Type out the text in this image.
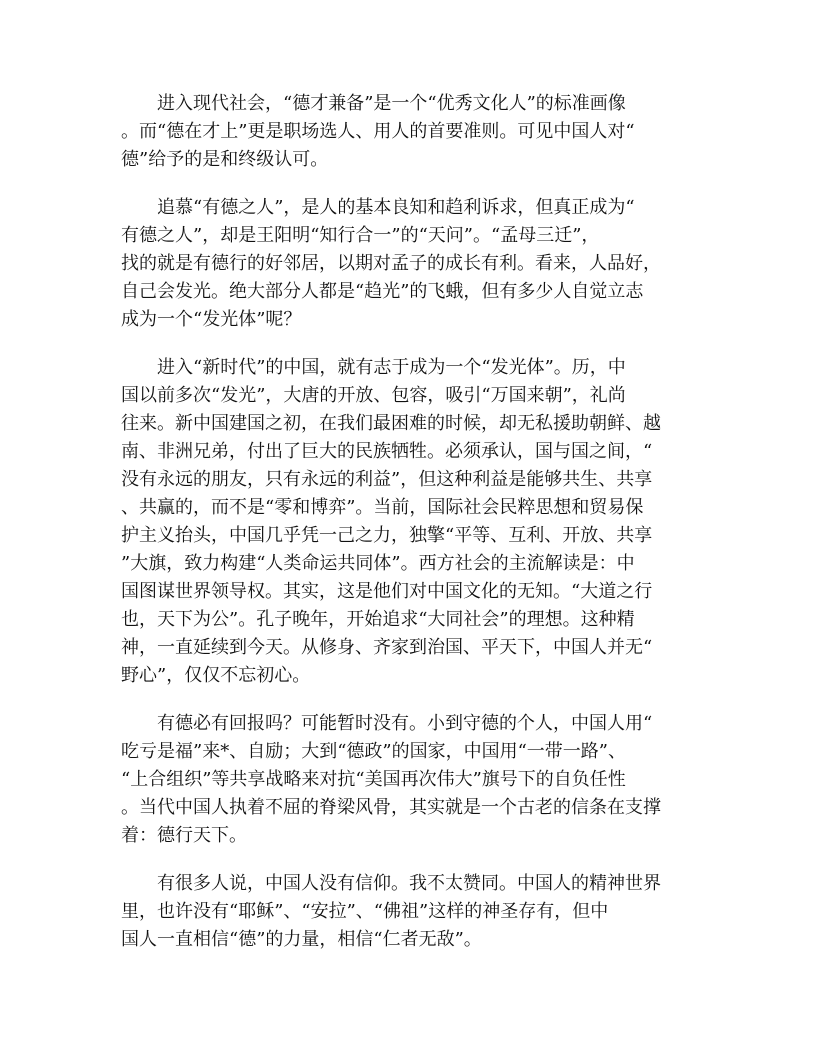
　　进入现代社会，“德才兼备”是一个“优秀文化人”的标准画像
。而“德在才上”更是职场选人、用人的首要准则。可见中国人对“
德”给予的是和终级认可。
　　追慕“有德之人”，是人的基本良知和趋利诉求，但真正成为“
有德之人”，却是王阳明“知行合一”的“天问”。“孟母三迁”，
找的就是有德行的好邻居，以期对孟子的成长有利。看来，人品好，
自己会发光。绝大部分人都是“趋光”的飞蛾，但有多少人自觉立志
成为一个“发光体”呢？
　　进入“新时代”的中国，就有志于成为一个“发光体”。历，中
国以前多次“发光”，大唐的开放、包容，吸引“万国来朝”，礼尚
往来。新中国建国之初，在我们最困难的时候，却无私援助朝鲜、越
南、非洲兄弟，付出了巨大的民族牺牲。必须承认，国与国之间，“
没有永远的朋友，只有永远的利益”，但这种利益是能够共生、共享
、共赢的，而不是“零和博弈”。当前，国际社会民粹思想和贸易保
护主义抬头，中国几乎凭一己之力，独擎“平等、互利、开放、共享
”大旗，致力构建“人类命运共同体”。西方社会的主流解读是：中
国图谋世界领导权。其实，这是他们对中国文化的无知。“大道之行
也，天下为公”。孔子晚年，开始追求“大同社会”的理想。这种精
神，一直延续到今天。从修身、齐家到治国、平天下，中国人并无“
野心”，仅仅不忘初心。
　　有德必有回报吗？可能暂时没有。小到守德的个人，中国人用“
吃亏是福”来*、自励；大到“德政”的国家，中国用“一带一路”、
“上合组织”等共享战略来对抗“美国再次伟大”旗号下的自负任性
。当代中国人执着不屈的脊梁风骨，其实就是一个古老的信条在支撑
着：德行天下。
　　有很多人说，中国人没有信仰。我不太赞同。中国人的精神世界
里，也许没有“耶稣”、“安拉”、“佛祖”这样的神圣存有，但中
国人一直相信“德”的力量，相信“仁者无敌”。
